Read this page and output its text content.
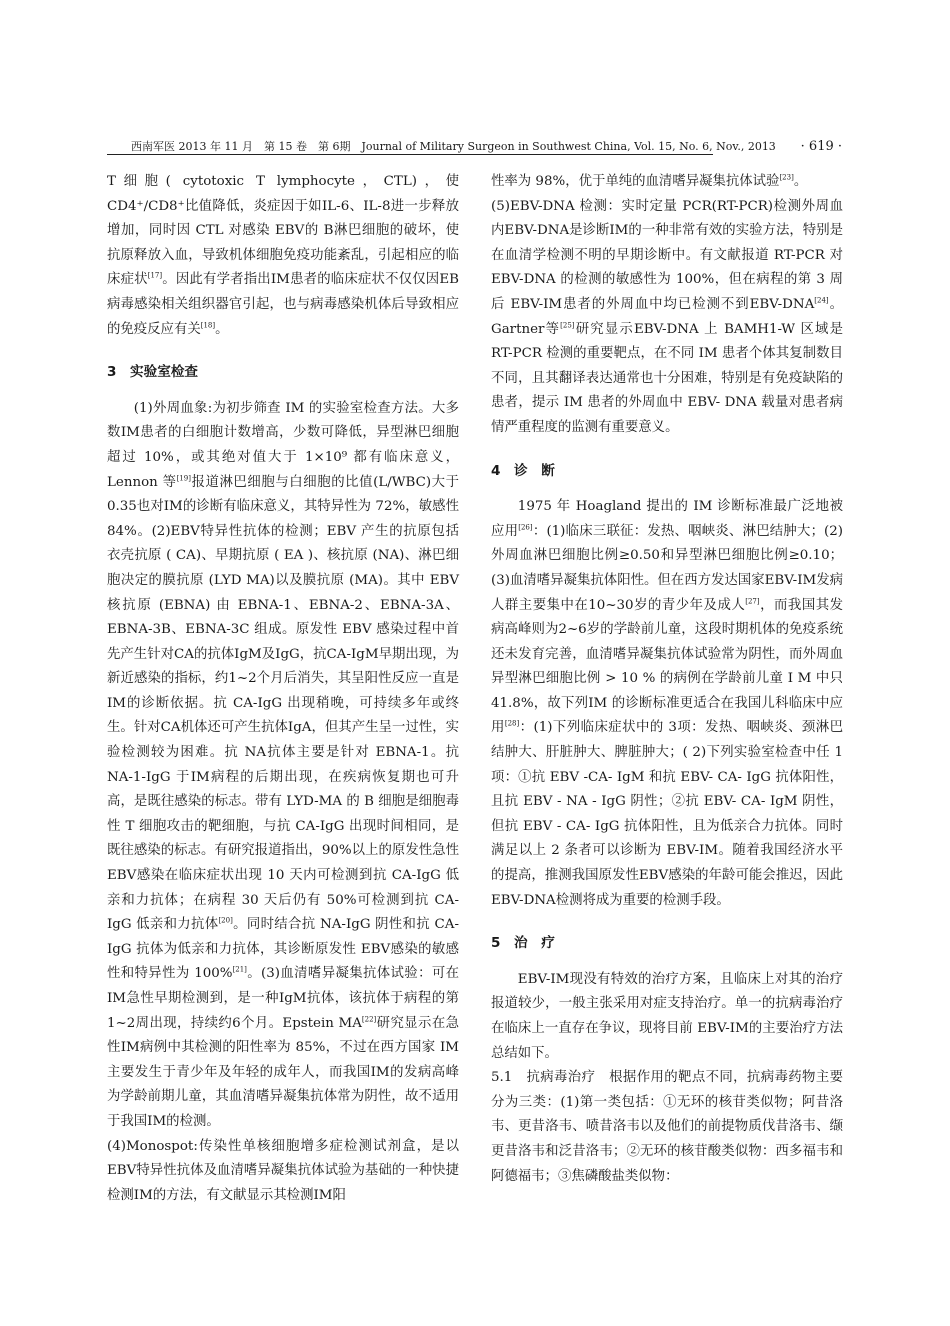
西南军医 2013 年 11 月　第 15 卷　第 6期　Journal of Military Surgeon in Southwest China, Vol. 15, No. 6, Nov., 2013 · 619 ·

T细胞( cytotoxic T lymphocyte，CTL)，使CD4⁺/CD8⁺比值降低，炎症因于如IL-6、IL-8进一步释放增加，同时因 CTL 对感染 EBV的 B淋巴细胞的破坏，使抗原释放入血，导致机体细胞免疫功能紊乱，引起相应的临床症状[17]。因此有学者指出IM患者的临床症状不仅仅因EB病毒感染相关组织器官引起，也与病毒感染机体后导致相应的免疫反应有关[18]。

3　实验室检查

(1)外周血象:为初步筛查 IM 的实验室检查方法。大多数IM患者的白细胞计数增高，少数可降低，异型淋巴细胞超过 10%，或其绝对值大于 1×10⁹ 都有临床意义，Lennon 等[19]报道淋巴细胞与白细胞的比值(L/WBC)大于0.35也对IM的诊断有临床意义，其特异性为 72%，敏感性 84%。(2)EBV特异性抗体的检测；EBV 产生的抗原包括衣壳抗原 ( CA)、早期抗原 ( EA )、核抗原 (NA)、淋巴细胞决定的膜抗原 (LYD MA)以及膜抗原 (MA)。其中 EBV 核抗原 (EBNA) 由 EBNA-1、EBNA-2、EBNA-3A、EBNA-3B、EBNA-3C 组成。原发性 EBV 感染过程中首先产生针对CA的抗体IgM及IgG，抗CA-IgM早期出现，为新近感染的指标，约1~2个月后消失，其呈阳性反应一直是IM的诊断依据。抗 CA-IgG 出现稍晚，可持续多年或终生。针对CA机体还可产生抗体IgA，但其产生呈一过性，实验检测较为困难。抗 NA抗体主要是针对 EBNA-1。抗 NA-1-IgG 于IM病程的后期出现，在疾病恢复期也可升高，是既往感染的标志。带有 LYD-MA 的 B 细胞是细胞毒性 T 细胞攻击的靶细胞，与抗 CA-IgG 出现时间相同，是既往感染的标志。有研究报道指出，90%以上的原发性急性EBV感染在临床症状出现 10 天内可检测到抗 CA-IgG 低亲和力抗体；在病程 30 天后仍有 50%可检测到抗 CA-IgG 低亲和力抗体[20]。同时结合抗 NA-IgG 阴性和抗 CA-IgG 抗体为低亲和力抗体，其诊断原发性 EBV感染的敏感性和特异性为 100%[21]。(3)血清嗜异凝集抗体试验：可在IM急性早期检测到，是一种IgM抗体，该抗体于病程的第1~2周出现，持续约6个月。Epstein MA[22]研究显示在急性IM病例中其检测的阳性率为 85%，不过在西方国家 IM 主要发生于青少年及年轻的成年人，而我国IM的发病高峰为学龄前期儿童，其血清嗜异凝集抗体常为阴性，故不适用于我国IM的检测。

(4)Monospot:传染性单核细胞增多症检测试剂盒，是以EBV特异性抗体及血清嗜异凝集抗体试验为基础的一种快捷检测IM的方法，有文献显示其检测IM阳

性率为 98%，优于单纯的血清嗜异凝集抗体试验[23]。

(5)EBV-DNA 检测：实时定量 PCR(RT-PCR)检测外周血内EBV-DNA是诊断IM的一种非常有效的实验方法，特别是在血清学检测不明的早期诊断中。有文献报道 RT-PCR 对 EBV-DNA 的检测的敏感性为 100%，但在病程的第 3 周后 EBV-IM患者的外周血中均已检测不到EBV-DNA[24]。Gartner等[25]研究显示EBV-DNA 上 BAMH1-W 区域是 RT-PCR 检测的重要靶点，在不同 IM 患者个体其复制数目不同，且其翻译表达通常也十分困难，特别是有免疫缺陷的患者，提示 IM 患者的外周血中 EBV- DNA 载量对患者病情严重程度的监测有重要意义。

4　诊　断

1975 年 Hoagland 提出的 IM 诊断标准最广泛地被应用[26]：(1)临床三联征：发热、咽峡炎、淋巴结肿大；(2)外周血淋巴细胞比例≥0.50和异型淋巴细胞比例≥0.10；(3)血清嗜异凝集抗体阳性。但在西方发达国家EBV-IM发病人群主要集中在10~30岁的青少年及成人[27]，而我国其发病高峰则为2~6岁的学龄前儿童，这段时期机体的免疫系统还未发育完善，血清嗜异凝集抗体试验常为阴性，而外周血异型淋巴细胞比例 > 10 % 的病例在学龄前儿童 I M 中只 41.8%，故下列IM 的诊断标准更适合在我国儿科临床中应用[28]：(1)下列临床症状中的 3项：发热、咽峡炎、颈淋巴结肿大、肝脏肿大、脾脏肿大；( 2)下列实验室检查中任 1项：①抗 EBV -CA- IgM 和抗 EBV- CA- IgG 抗体阳性，且抗 EBV - NA - IgG 阴性；②抗 EBV- CA- IgM 阴性，但抗 EBV - CA- IgG 抗体阳性，且为低亲合力抗体。同时满足以上 2 条者可以诊断为 EBV-IM。随着我国经济水平的提高，推测我国原发性EBV感染的年龄可能会推迟，因此EBV-DNA检测将成为重要的检测手段。

5　治　疗

EBV-IM现没有特效的治疗方案，且临床上对其的治疗报道较少，一般主张采用对症支持治疗。单一的抗病毒治疗在临床上一直存在争议，现将目前 EBV-IM的主要治疗方法总结如下。

5.1　抗病毒治疗　根据作用的靶点不同，抗病毒药物主要分为三类：(1)第一类包括：①无环的核苷类似物；阿昔洛韦、更昔洛韦、喷昔洛韦以及他们的前提物质伐昔洛韦、缬更昔洛韦和泛昔洛韦；②无环的核苷酸类似物：西多福韦和阿德福韦；③焦磷酸盐类似物：
